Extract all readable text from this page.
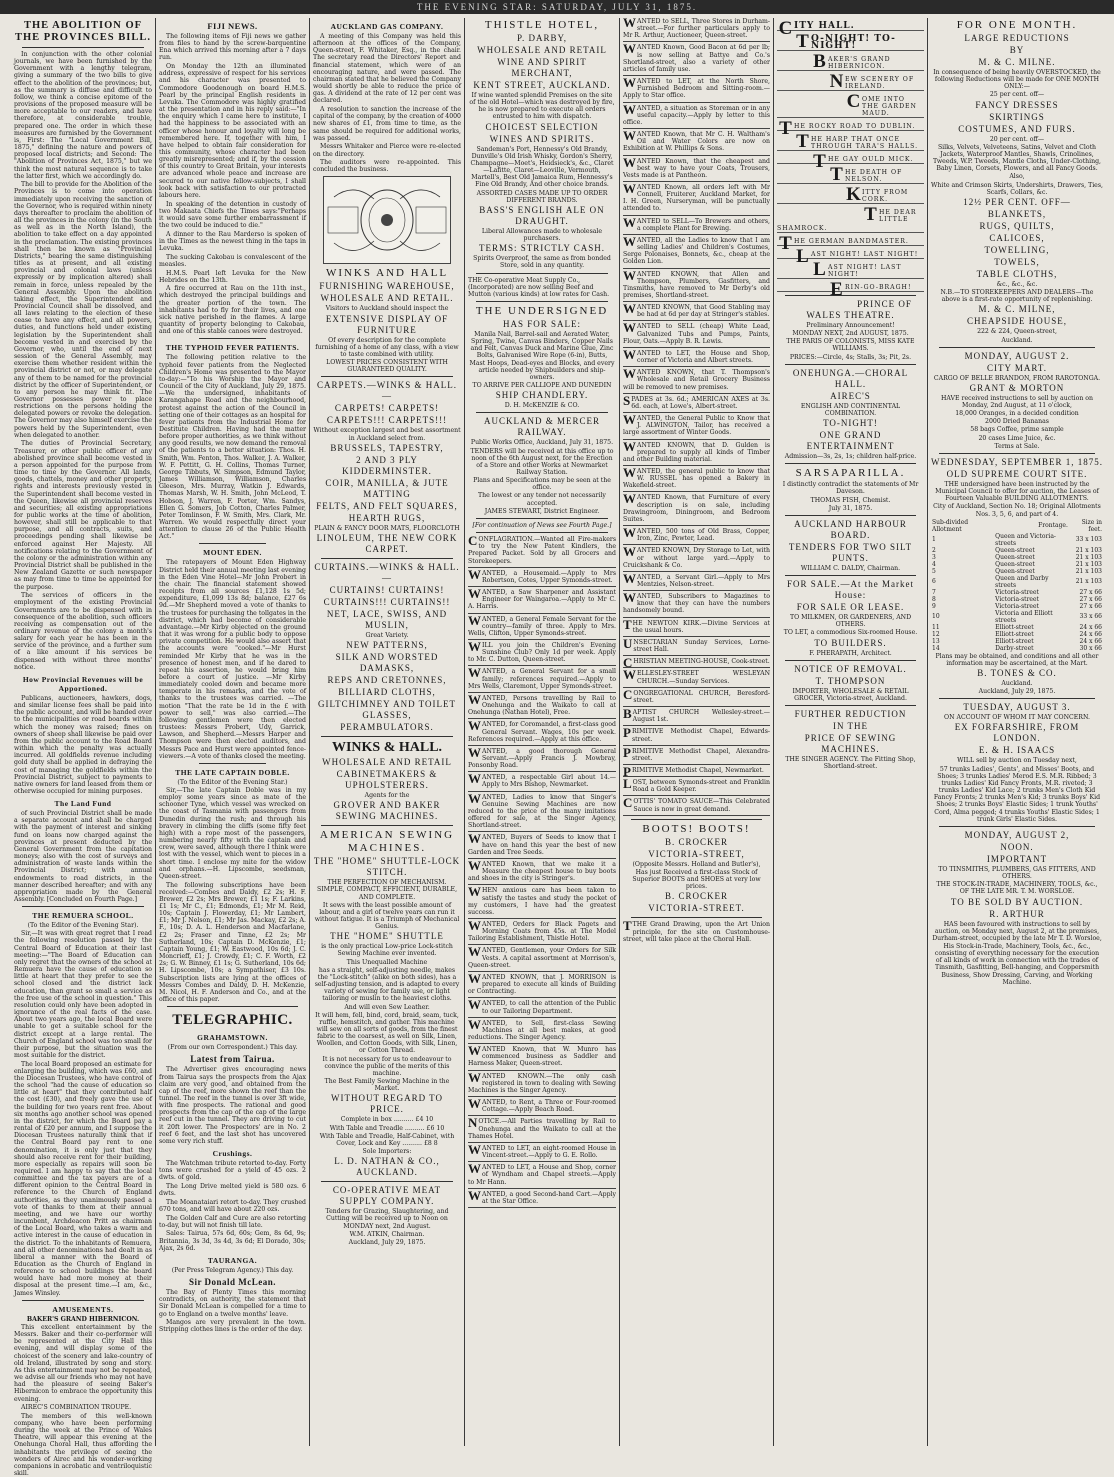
THE EVENING STAR: SATURDAY, JULY 31, 1875.
THE ABOLITION OF THE PROVINCES BILL.

In conjunction with the other colonial journals, we have been furnished by the Government with a lengthy telegram, giving a summary of the two bills to give effect to the abolition of the provinces; but, as the summary is diffuse and difficult to follow, we think a concise epitome of the provisions of the proposed measure will be more acceptable to our readers, and have therefore, at considerable trouble, prepared one. The order in which these measures are furnished by the Government is, First: The "Local Government Bill, 1875," defining the nature and powers of proposed local districts; and Second: The "Abolition of Provinces Act, 1875," but we think the most natural sequence is to take the latter first, which we accordingly do.

The bill to provide for the Abolition of the Provinces is to come into operation immediately upon receiving the sanction of the Governor, who is required within ninety days thereafter to proclaim the abolition of all the provinces in the colony (in the South as well as in the North Island), the abolition to take effect on a day appointed in the proclamation. The existing provinces shall then be known as "Provincial Districts," bearing the same distinguishing titles as at present, and all existing provincial and colonial laws (unless expressly or by implication altered) shall remain in force, unless repealed by the General Assembly. Upon the abolition taking effect, the Superintendent and Provincial Council shall be dissolved, and all laws relating to the election of these cease to have any effect, and all powers, duties, and functions held under existing legislation by the Superintendent shall become vested in and exercised by the Governor, who, until the end of next session of the General Assembly, may exercise them whether resident within the provincial district or not, or may delegate any of them to be named for the provincial district by the officer of Superintendent, or to any person he may think fit. The Governor possesses power to place restrictions on the persons holding the delegated powers or revoke the delegation. The Governor may also himself exercise the powers held by the Superintendent, even when delegated to another.

The duties of Provincial Secretary, Treasurer, or other public officer of any abolished province shall become vested in a person appointed for the purpose from time to time by the Governor. All lands, goods, chattels, money and other property, rights and interests previously vested in the Superintendent shall become vested in the Queen, likewise all provincial reserves and securities; all existing appropriations for public works at the time of abolition, however, shall still be applicable to that purpose, and all contracts, suits, and proceedings pending shall likewise be enforced against Her Majesty. All notifications relating to the Government of the colony or the administration within any Provincial District shall be published in the New Zealand Gazette or such newspaper as may from time to time be appointed for the purpose.

The services of officers in the employment of the existing Provincial Governments are to be dispensed with in consequence of the abolition, such officers receiving as compensation out of the ordinary revenue of the colony a month's salary for each year he has been in the service of the province, and a further sum of a like amount if his services be dispensed with without three months' notice.

How Provincial Revenues will be Apportioned.

Publicans, auctioneers, hawkers, dogs, and similar license fees shall be paid into the public account, and will be handed over to the municipalities or road boards within which the money was raised; fines on owners of sheep shall likewise be paid over from the public account to the Road Board within which the penalty was actually incurred. All goldfields revenue including gold duty shall be applied in defraying the cost of managing the goldfields within the Provincial District, subject to payments to native owners for land leased from them or otherwise occupied for mining purposes.

The Land Fund

of such Provincial District shall be made a separate account and shall be charged with the payment of interest and sinking fund on loans now charged against the provinces at present deducted by the General Government from the capitation moneys; also with the cost of surveys and administration of waste lands within the Provincial District; with annual endowments to road districts, in the manner described hereafter; and with any appropriation made by the General Assembly. [Concluded on Fourth Page.]

THE REMUERA SCHOOL.
(To the Editor of the Evening Star).

Sir,—It was with great regret that I read the following resolution passed by the Central Board of Education at their last meeting:—"The Board of Education can only regret that the owners of the school at Remuera have the cause of education so little at heart that they prefer to see the school closed and the district lack education, than grant so small a service as the free use of the school in question." This resolution could only have been adopted in ignorance of the real facts of the case. About two years ago, the local Board were unable to get a suitable school for the district except at a large rental. The Church of England school was too small for their purpose, but the situation was the most suitable for the district.

The local Board proposed an estimate for enlarging the building, which was £60, and the Diocesan Trustees, who have control of the school "had the cause of education so little at heart" that they contributed half the cost (£30), and freely gave the use of the building for two years rent free. About six months ago another school was opened in the district, for which the Board pay a rental of £20 per annum, and I suppose the Diocesan Trustees naturally think that if the Central Board pay rent to one denomination, it is only just that they should also receive rent for their building, more especially as repairs will soon be required. I am happy to say that the local committee and the tax payers are of a different opinion to the Central Board in reference to the Church of England authorities, as they unanimously passed a vote of thanks to them at their annual meeting, and we have our worthy incumbent, Archdeacon Pritt as chairman of the Local Board, who takes a warm and active interest in the cause of education in the district. To the inhabitants of Remuera, and all other denominations had dealt in as liberal a manner with the Board of Education as the Church of England in reference to school buildings the board would have had more money at their disposal at the present time.—I am, &c., James Winsley.

AMUSEMENTS.
BAKER'S GRAND HIBERNICON.

This excellent entertainment by the Messrs. Baker and their co-performer will be represented at the City Hall this evening, and will display some of the choicest of the scenery and lake-country of old Ireland, illustrated by song and story. As this entertainment may not be repeated, we advise all our friends who may not have had the pleasure of seeing Baker's Hibernicon to embrace the opportunity this evening.

AIREC'S COMBINATION TROUPE.

The members of this well-known company, who have been performing during the week at the Prince of Wales Theatre, will appear this evening at the Onehunga Choral Hall, thus affording the inhabitants the privilege of seeing the wonders of Airec and his wonder-working companions in acrobatic and ventriloquistic skill.

FIJI NEWS.

The following items of Fiji news we gather from files to hand by the screw-barquentine Ena which arrived this morning after a 7 days run.

On Monday the 12th an illuminated address, expressive of respect for his services and his character was presented to Commodore Goodenough on board H.M.S. Pearl by the principal English residents in Levuka. The Commodore was highly gratified at the presentation and in his reply said:—"In the enquiry which I came here to institute, I had the happiness to be associated with an officer whose honour and loyalty will long be remembered here. If, together with him, I have helped to obtain fair consideration for this community, whose character had been greatly misrepresented; and if, by the cession of this country to Great Britain, your interests are advanced whole peace and increase are secured to our native fellow-subjects, I shall look back with satisfaction to our protracted labours here.

In speaking of the detention in custody of two Makaata Chiefs the Times says:"Perhaps it would save some further embarrassment if the two could be induced to die."

A dinner to the Rau Marderso is spoken of in the Times as the newest thing in the taps in Levuka.

The sucking Cakobau is convalescent of the measles.

H.M.S. Pearl left Levuka for the New Hebrides on the 13th.

A fire occurred at Rau on the 11th inst., which destroyed the principal buildings and the greater portion of the town. The inhabitants had to fly for their lives, and one sick native perished in the flames. A large quantity of property belonging to Cakobau, and one of this stable canoes were destroyed.

THE TYPHOID FEVER PATIENTS.

The following petition relative to the typhoid fever patients from the Neglected Children's Home was presented to the Mayor to-day:—"To his Worship the Mayor and Council of the City of Auckland, July 29, 1875.—We the undersigned, inhabitants of Karangahape Road and the neighbourhood, protest against the action of the Council in setting one of their cottages as an hospital for fever patients from the Industrial Home for Destitute Children. Having had the matter before proper authorities, as we think without any good results, we now demand the removal of the patients to a better situation: Thos. H. Smith, Wm. Fenton, Thos. Walker, J. A. Walker, W. F. Pettitt, G. H. Collins, Thomas Turner, George Tibbuts, W. Simpson, Edmund Taylor, James Williamson, Williamson, Charles Gleeson, Mrs. Murray, Watkin J. Edwards, Thomas Marsh, W. H. Smith, John McLeod, T. Hobson, J. Warren, F. Porter, Wm. Sandys, Ellen G. Somers, Job Cotton, Charles Palmer, Peter Tomlinson, F. W. Smith, Mrs. Clark, Mr. Warren. We would respectfully direct your attention to clause 26 of the Public Health Act."

MOUNT EDEN.

The ratepayers of Mount Eden Highway District held their annual meeting last evening in the Eden Vine Hotel—Mr John Probert in the chair. The financial statement showed receipts from all sources £1,128 1s 5d; expenditure, £1,099 13s 8d; balance, £27 6s 9d.—Mr Shepherd moved a vote of thanks to the trustees for purchasing the tollgates in the district, which had become of considerable advantage.—Mr Kirby objected on the ground that it was wrong for a public body to oppose private competition. He would also assert that the accounts were "cooked."—Mr Hurst reminded Mr Kirby that he was in the presence of honest men, and if he dared to repeat his assertion, he would bring him before a court of justice. —Mr Kirby immediately cooled down and became more temperate in his remarks, and the vote of thanks to the trustees was carried. —The motion "That the rate be 1d in the £ with power to sell," was also carried.—The following gentlemen were then elected trustees: Messrs Probert, Udy, Garrick, Lawson, and Shepherd.—Messrs Harper and Thompson were then elected auditors, and Messrs Pace and Hurst were appointed fence-viewers.—A vote of thanks closed the meeting.

THE LATE CAPTAIN DOBLE.
(To the Editor of the Evening Star.)

Sir,—The late Captain Doble was in my employ some years since as mate of the schooner Tyne, which vessel was wrecked on the coast of Tasmania with passengers from Dunedin during the rush; and through his bravery in climbing the cliffs (some fifty feet high) with a rope most of the passengers, numbering nearly fifty with the captain and crew, were saved, although there I think were lost with the vessel, which went to pieces in a short time. I enclose my mite for the widow and orphans.—H. Lipscombe, seedsman, Queen-street.

The following subscriptions have been received:—Combes and Daldy, £2 2s; H. F. Brewer, £2 2s; Mrs Brewer, £1 1s; F. Larkins, £1 1s; Mr C., £1; Edmonds, £1; Mr M. Reid, 10s; Captain J. Flowerday, £1; Mr Lambert, £1; Mr J. Nelson, £1; Mr Jas. Mackay, £2 2s; A. F., 10s; D. A. L. Henderson and Macfarlane, £2 2s; Fraser and Tinne, £2 2s; Mr Sutherland, 10s; Captain D. McKenzie, £1; Captain Young, £1; W. Eastwood, 10s 6d; J. C. Moncrieff, £1; J. Crowdy, £1; C. F. Worth, £2 2s; G. W. Binney, £1 1s; G. Sutherland, 10s 6d; H. Lipscombe, 10s; a Sympathiser, £3 10s. Subscription lists are lying at the offices of Messrs Combes and Daldy, D. H. McKenzie, M. Nicol, H. F. Anderson and Co., and at the office of this paper.

TELEGRAPHIC.
GRAHAMSTOWN.
(From our own Correspondent.) This day.
Latest from Tairua.

The Advertiser gives encouraging news from Tairua says the prospects from the Ajax claim are very good, and obtained from the cap of the reef, more shown the reef than the tunnel. The reef in the tunnel is over 3ft wide, with fine prospects. The rational and good prospects from the cap of the cap of the large reef cut in the tunnel. They are driving to cut it 20ft lower. The Prospectors' are in No. 2 reef 6 feet, and the last shot has uncovered some very rich stuff.

Crushings.

The Watchman tribute retorted to-day. Forty tons were crushed for a yield of 45 ozs. 2 dwts. of gold.

The Long Drive melted yield is 580 ozs. 6 dwts.

The Moanataiari retort to-day. They crushed 670 tons, and will have about 220 ozs.

The Golden Calf and Cure are also retorting to-day, but will not finish till late.

Sales: Tairua, 57s 6d, 60s; Gem, 8s 6d, 9s; Britannia, 3s 3d, 3s 4d, 3s 6d; El Dorado, 30s; Ajax, 2s 6d.

TAURANGA.
(Per Press Telegram Agency.) This day.
Sir Donald McLean.

The Bay of Plenty Times this morning contradicts, on authority, the statement that Sir Donald McLean is compelled for a time to go to England on a twelve months' leave.

Mangos are very prevalent in the town. Stripping clothes lines is the order of the day.

AUCKLAND GAS COMPANY.

A meeting of this Company was held this afternoon at the offices of the Company, Queen-street, F. Whitaker, Esq., in the chair. The secretary read the Directors' Report and financial statement, which were of an encouraging nature, and were passed. The chairman stated that he believed the Company would shortly be able to reduce the price of gas. A dividend at the rate of 12 per cent was declared.

A resolution to sanction the increase of the capital of the company, by the creation of 4000 new shares of £1, from time to time, as the same should be required for additional works, was passed.

Messrs Whitaker and Pierce were re-elected on the directory.

The auditors were re-appointed. This concluded the business.

WINKS AND HALL
FURNISHING WAREHOUSE,
WHOLESALE AND RETAIL.
Visitors to Auckland should inspect the
EXTENSIVE DISPLAY OF FURNITURE
Of every description for the complete furnishing of a home of any class, with a view to taste combined with utility.
LOWEST PRICES CONSISTENT WITH GUARANTEED QUALITY.
CARPETS.—WINKS & HALL.—
CARPETS! CARPETS!
CARPETS!!! CARPETS!!!
Without exception largest and best assortment in Auckland select from.
BRUSSELS, TAPESTRY,
2 AND 3 PLY KIDDERMINSTER.
COIR, MANILLA, & JUTE MATTING
FELTS, AND FELT SQUARES,
HEARTH RUGS,
PLAIN & FANCY DOOR MATS, FLOORCLOTH
LINOLEUM, THE NEW CORK CARPET.
CURTAINS.—WINKS & HALL.—
CURTAINS! CURTAINS!
CURTAINS!!! CURTAINS!!
NET, LACE, SWISS, AND MUSLIN,
Great Variety.
NEW PATTERNS,
SILK AND WORSTED DAMASKS,
REPS AND CRETONNES,
BILLIARD CLOTHS,
GILTCHIMNEY AND TOILET GLASSES,
PERAMBULATORS.
WINKS & HALL.
WHOLESALE AND RETAIL
CABINETMAKERS & UPHOLSTERERS.
Agents for the
GROVER AND BAKER SEWING MACHINES.
AMERICAN SEWING MACHINES.
THE "HOME" SHUTTLE-LOCK STITCH.
THE PERFECTION OF MECHANISM. SIMPLE, COMPACT, EFFICIENT, DURABLE, AND COMPLETE.
It sews with the least possible amount of labour, and a girl of twelve years can run it without fatigue. It is a Triumph of Mechanical Genius.
THE "HOME" SHUTTLE
is the only practical Low-price Lock-stitch Sewing Machine ever invented.
This Unequalled Machine
has a straight, self-adjusting needle, makes the "Lock-stitch" (alike on both sides), has a self-adjusting tension, and is adapted to every variety of sewing for family use, or light tailoring or muslin to the heaviest cloths.
And will even Sew Leather.
It will hem, fell, bind, cord, braid, seam, tuck, ruffle, hemstitch, and gather. This machine will sew on all sorts of goods, from the finest fabric to the coarsest, as well on Silk, Linen, Woollen, and Cotton Goods, with Silk, Linen, or Cotton Thread.
It is not necessary for us to endeavour to convince the public of the merits of this machine.
The Best Family Sewing Machine in the Market.
WITHOUT REGARD TO PRICE.
Complete in box .......... £4 10
With Table and Treadle .......... £6 10
With Table and Treadle, Half-Cabinet, with Cover, Lock and Key .......... £8 8
Sole Importers:
L. D. NATHAN & CO., AUCKLAND.
CO-OPERATIVE MEAT SUPPLY COMPANY.
Tenders for Grazing, Slaughtering, and Cutting will be received up to Noon on MONDAY next, 2nd August.
W.M. ATKIN, Chairman.
Auckland, July 29, 1875.
THISTLE HOTEL,
P. DARBY,
WHOLESALE AND RETAIL
WINE AND SPIRIT MERCHANT,
KENT STREET, AUCKLAND.
If wine wanted splendid Premises on the site of the old Hotel—which was destroyed by fire, he is now prepared to execute all orders entrusted to him with dispatch.
CHOICEST SELECTION
WINES AND SPIRITS.
Sandeman's Port, Hennessy's Old Brandy, Dunville's Old Irish Whisky, Gordon's Sherry, Champagne—Moet's, Heidsieck's, &c., Claret—Lafitte, Claret—Leoville, Vermouth, Martell's, Best Old Jamaica Rum, Hennessy's Fine Old Brandy, And other choice brands.
ASSORTED CASES MADE UP TO ORDER DIFFERENT BRANDS.
BASS'S ENGLISH ALE ON DRAUGHT.
Liberal Allowances made to wholesale purchasers.
TERMS: STRICTLY CASH.
Spirits Overproof, the same as from bonded Store, sold in any quantity.
THE Co-operative Meat Supply Co., (Incorporated) are now selling Beef and Mutton (various kinds) at low rates for Cash.
THE UNDERSIGNED
HAS FOR SALE:
Manila Nail, Barrel-sail and Aerated Water, Spring, Twine, Canvas Binders, Copper Nails and Felt, Canvas Duck and Marine Glue, Zinc Bolts, Galvanised Wire Rope (6-in), Butts, Mast Hoops, Dead-eyes and Blocks, and every article needed by Shipbuilders and ship-owners.
TO ARRIVE PER CALLIOPE AND DUNEDIN
SHIP CHANDLERY.
D. H. McKENZIE & CO.
AUCKLAND & MERCER RAILWAY.
Public Works Office, Auckland, July 31, 1875.
TENDERS will be received at this office up to noon of the 6th August next, for the Erection of a Store and other Works at Newmarket Railway Station.
Plans and Specifications may be seen at the office.
The lowest or any tender not necessarily accepted.
JAMES STEWART, District Engineer.
[For continuation of News see Fourth Page.]
CONFLAGRATION.—Wanted all Fire-makers to try the New Patent Kindlers, the Prepared Packet. Sold by all Grocers and Storekeepers.
WANTED, a Housemaid.—Apply to Mrs Robertson, Cotes, Upper Symonds-street.
WANTED, a Saw Sharpener and Assistant Engineer for Waingaroa.—Apply to Mr C. A. Harris.
WANTED, a General Female Servant for the country—family of three. Apply to Mrs. Wells, Clifton, Upper Symonds-street.
WILL you join the Children's Evening Sunshine Club? Only 1d per week. Apply to Mr. C. Dutton, Queen-street.
WANTED, a General Servant for a small family; references required.—Apply to Mrs Wells, Claremont, Upper Symonds-street.
WANTED, Persons travelling by Rail to Onehunga and the Waikato to call at Onehunga (Nathan Hotel), Free.
WANTED, for Coromandel, a first-class good General Servant. Wages, 10s per week. References required.—Apply at this office.
WANTED, a good thorough General Servant.—Apply Francis J. Mowbray, Ponsonby Road.
WANTED, a respectable Girl about 14.—Apply to Mrs Bishop, Newmarket.
WANTED, Ladies to know that Singer's Genuine Sewing Machines are now reduced to the price of the many imitations offered for sale, at the Singer Agency, Shortland-street.
WANTED, Buyers of Seeds to know that I have on hand this year the best of new Garden and Tree Seeds.
WANTED Known, that we make it a Measure the cheapest house to buy boots and shoes in the city is Stringer's.
WHEN anxious care has been taken to satisfy the tastes and study the pocket of my customers, I have had the greatest success.
WANTED, Orders for Black Pagets and Morning Coats from 45s. at The Model Tailoring Establishment, Thistle Hotel.
WANTED, Gentlemen, your Orders for Silk Vests. A capital assortment at Morrison's, Queen-street.
WANTED KNOWN, that J. MORRISON is prepared to execute all kinds of Building or Contracting.
WANTED, to call the attention of the Public to our Tailoring Department.
WANTED, to Sell, first-class Sewing Machines at all best makes, at good reductions. The Singer Agency.
WANTED Known, that W. Munro has commenced business as Saddler and Harness Maker, Queen-street.
WANTED KNOWN.—The only cash registered in town to dealing with Sewing Machines is the Singer Agency.
WANTED, to Rent, a Three or Four-roomed Cottage.—Apply Beach Road.
NOTICE.—All Parties travelling by Rail to Onehunga and the Waikato to call at the Thames Hotel.
WANTED to LET, an eight-roomed House in Vincent-street.—Apply to G. E. Rollo.
WANTED to LET, a House and Shop, corner of Wyndham and Chapel streets.—Apply to Mr Hann.
WANTED, a good Second-hand Cart.—Apply at the Star Office.
WANTED to SELL, Three Stores in Durham-street.—For further particulars apply to Mr R. Arthur, Auctioneer, Queen-street.
WANTED Known, Good Bacon at 6d per lb; is now selling at Battye and Co.'s Shortland-street, also a variety of other articles of family use.
WANTED to LET, at the North Shore, Furnished Bedroom and Sitting-room.—Apply to Star office.
WANTED, a situation as Storeman or in any useful capacity.—Apply by letter to this office.
WANTED Known, that Mr C. H. Waltham's Oil and Water Colors are now on Exhibition at W. Phillips & Sons.
WANTED Known, that the cheapest and best way to have your Coats, Trousers, Vests made is at Pantheon.
WANTED Known, all orders left with Mr Connell, Fruiterer, Auckland Market, for I. H. Green, Nurseryman, will be punctually attended to.
WANTED to SELL—To Brewers and others, a complete Plant for Brewing.
WANTED, all the Ladies to know that I am selling Ladies' and Children's Costumes, Serge Polonaises, Bonnets, &c., cheap at the Golden Lion.
WANTED KNOWN, that Allen and Thompson, Plumbers, Gasfitters, and Tinsmiths, have removed to Mr Derby's old premises, Shortland-street.
WANTED KNOWN, that Good Stabling may be had at 6d per day at Stringer's stables.
WANTED to SELL (cheap) White Lead, Galvanized Tubs and Pumps, Paints, Flour, Oats.—Apply B. R. Lewis.
WANTED to LET, the House and Shop, corner of Victoria and Albert streets.
WANTED KNOWN, that T. Thompson's Wholesale and Retail Grocery Business will be removed to new premises.
SPADES at 3s. 6d.; AMERICAN AXES at 3s. 6d. each, at Lowe's, Albert-street.
WANTED, the General Public to Know that J. ALWINGTON, Tailor, has received a large assortment of Winter Goods.
WANTED KNOWN, that D. Gulden is prepared to supply all kinds of Timber and other Building material.
WANTED, the general public to know that W. RUSSEL has opened a Bakery in Wakefield-street.
WANTED Known, that Furniture of every description is on sale, including Drawingroom, Diningroom, and Bedroom Suites.
WANTED, 500 tons of Old Brass, Copper, Iron, Zinc, Pewter, Lead.
WANTED KNOWN, Dry Storage to Let, with or without large yard.—Apply to Cruickshank & Co.
WANTED, a Servant Girl.—Apply to Mrs Mentzies, Nelson-street.
WANTED, Subscribers to Magazines to know that they can have the numbers handsomely bound.
THE NEWTON KIRK.—Divine Services at the usual hours.
UNSECTARIAN Sunday Services, Lorne-street Hall.
CHRISTIAN MEETING-HOUSE, Cook-street.
WELLESLEY-STREET WESLEYAN CHURCH.—Sunday Services.
CONGREGATIONAL CHURCH, Beresford-street.
BAPTIST CHURCH Wellesley-street.—August 1st.
PRIMITIVE Methodist Chapel, Edwards-street.
PRIMITIVE Methodist Chapel, Alexandra-street.
PRIMITIVE Methodist Chapel, Newmarket.
LOST, between Symonds-street and Franklin Road a Gold Keeper.
COTTIS' TOMATO SAUCE—This Celebrated Sauce is now in great demand.
BOOTS! BOOTS!
B. CROCKER
VICTORIA-STREET,
(Opposite Messrs. Holland and Butler's),
Has just Received a first-class Stock of Superior BOOTS and SHOES at very low prices.
B. CROCKER
VICTORIA-STREET.
TTHE Grand Drawing, upon the Art Union principle, for the site on Customhouse-street, will take place at the Choral Hall.
C ITY HALL.
T O-NIGHT! TO-NIGHT!
B AKER'S GRAND HIBERNICON.
N EW SCENERY OF IRELAND.
C OME INTO THE GARDEN MAUD.
T HE ROCKY ROAD TO DUBLIN.
T HE HARP THAT ONCE THROUGH TARA'S HALLS.
T HE GAY OULD MICK.
T HE DEATH OF NELSON.
K ITTY FROM CORK.
T HE DEAR LITTLE SHAMROCK.
T HE GERMAN BANDMASTER.
L AST NIGHT! LAST NIGHT!
L AST NIGHT! LAST NIGHT!
E RIN-GO-BRAGH!
PRINCE OF WALES THEATRE.
Preliminary Announcement!
MONDAY NEXT, 2nd AUGUST, 1875.
THE PARIS OF COLONISTS, MISS KATE WILLIAMS.
PRICES:—Circle, 4s; Stalls, 3s; Pit, 2s.
ONEHUNGA.—CHORAL HALL.
AIREC'S
ENGLISH AND CONTINENTAL COMBINATION.
TO-NIGHT!
ONE GRAND ENTERTAINMENT
Admission—3s, 2s, 1s; children half-price.
SARSAPARILLA.
I distinctly contradict the statements of Mr Daveson.
THOMAS FISH, Chemist.
July 31, 1875.
AUCKLAND HARBOUR BOARD.
TENDERS FOR TWO SILT PUNTS.
WILLIAM C. DALDY, Chairman.
FOR SALE.—At the Market House:
FOR SALE OR LEASE.
TO MILKMEN, OR GARDENERS, AND OTHERS.
TO LET, a commodious Six-roomed House.
TO BUILDERS.
F. PHERAPATH, Architect.
NOTICE OF REMOVAL.
T. THOMPSON
IMPORTER, WHOLESALE & RETAIL GROCER, Victoria-street, Auckland.
FURTHER REDUCTION
IN THE
PRICE OF SEWING MACHINES.
THE SINGER AGENCY. The Fitting Shop, Shortland-street.
FOR ONE MONTH.
LARGE REDUCTIONS
BY
M. & C. MILNE.
In consequence of being heavily OVERSTOCKED, the following Reductions will be made for ONE MONTH ONLY:—
25 per cent. off—
FANCY DRESSES
SKIRTINGS
COSTUMES, AND FURS.
20 per cent. off—
Silks, Velvets, Velveteens, Satins, Velvet and Cloth Jackets, Waterproof Mantles, Shawls, Crinolines, Tweeds, W.P. Tweeds, Mantle Cloths, Under-Clothing, Baby Linen, Corsets, Flowers, and all Fancy Goods.
Also,
White and Crimson Skirts, Undershirts, Drawers, Ties, Scarfs, Collars, &c.
12½ PER CENT. OFF—
BLANKETS,
RUGS, QUILTS,
CALICOES,
TOWELLING,
TOWELS,
TABLE CLOTHS,
&c., &c., &c.
N.B.—TO STOREKEEPERS AND DEALERS—The above is a first-rate opportunity of replenishing.
M. & C. MILNE,
CHEAPSIDE HOUSE,
222 & 224, Queen-street,
Auckland.
MONDAY, AUGUST 2.
CITY MART.
CARGO OF BELLE BRANDON, FROM RAROTONGA.
GRANT & MORTON
HAVE received instructions to sell by auction on Monday, 2nd August, at 11 o'clock,
18,000 Oranges, in a decided condition
2000 Dried Bananas
58 bags Coffee, prime sample
20 cases Lime Juice, &c.
Terms at Sale.
WEDNESDAY, SEPTEMBER 1, 1875.
OLD SUPREME COURT SITE.
THE undersigned have been instructed by the Municipal Council to offer for auction, the Leases of Fourteen Valuable BUILDING ALLOTMENTS.
City of Auckland, Section No. 18; Original Allotments Nos. 3, 5, 6, and part of 4.
Sub-divided Allotment	Frontage.	Size in feet.
1	Queen and Victoria-streets	33 x 103
2	Queen-street	21 x 103
3	Queen-street	21 x 103
4	Queen-street	21 x 103
5	Queen-street	21 x 103
6	Queen and Darby streets	21 x 103
7	Victoria-street	27 x 66
8	Victoria-street	27 x 66
9	Victoria-street	27 x 66
10	Victoria and Elliott streets	33 x 66
11	Elliott-street	24 x 66
12	Elliott-street	24 x 66
13	Elliott-street	24 x 66
14	Darby-street	30 x 66
Plans may be obtained, and conditions and all other information may be ascertained, at the Mart.
B. TONES & CO.
Auckland.
Auckland, July 29, 1875.
TUESDAY, AUGUST 3.
ON ACCOUNT OF WHOM IT MAY CONCERN.
EX FORFARSHIRE, FROM LONDON.
E. & H. ISAACS
WILL sell by auction on Tuesday next,
57 trunks Ladies', Gents', and Misses' Boots, and Shoes; 3 trunks Ladies' Merod E.S. M.R. Ribbed; 3 trunks Ladies' Kid Fancy Fronts, M.R. riveted; 3 trunks Ladies' Kid Lace; 2 trunks Men's Cloth Kid Fancy Fronts; 2 trunks Men's Kid; 3 trunks Boys' Kid Shoes; 2 trunks Boys' Elastic Sides; 1 trunk Youths' Cord, Alma pegged; 4 trunks Youths' Elastic Sides; 1 trunk Girls' Elastic Sides.
MONDAY, AUGUST 2,
NOON.
IMPORTANT
TO TINSMITHS, PLUMBERS, GAS FITTERS, AND OTHERS.
THE STOCK-IN-TRADE, MACHINERY, TOOLS, &c., OF THE LATE MR. T. M. WORSLOE.
TO BE SOLD BY AUCTION.
R. ARTHUR
HAS been favoured with instructions to sell by auction, on Monday next, August 2, at the premises, Durham-street, occupied by the late Mr T. D. Worsloe,
His Stock-in-Trade, Machinery, Tools, &c., &c., consisting of everything necessary for the execution of all kinds of work in connection with the trades of Tinsmith, Gasfitting, Bell-hanging, and Coppersmith Business, Show Dressing, Carving, and Working Machine.
